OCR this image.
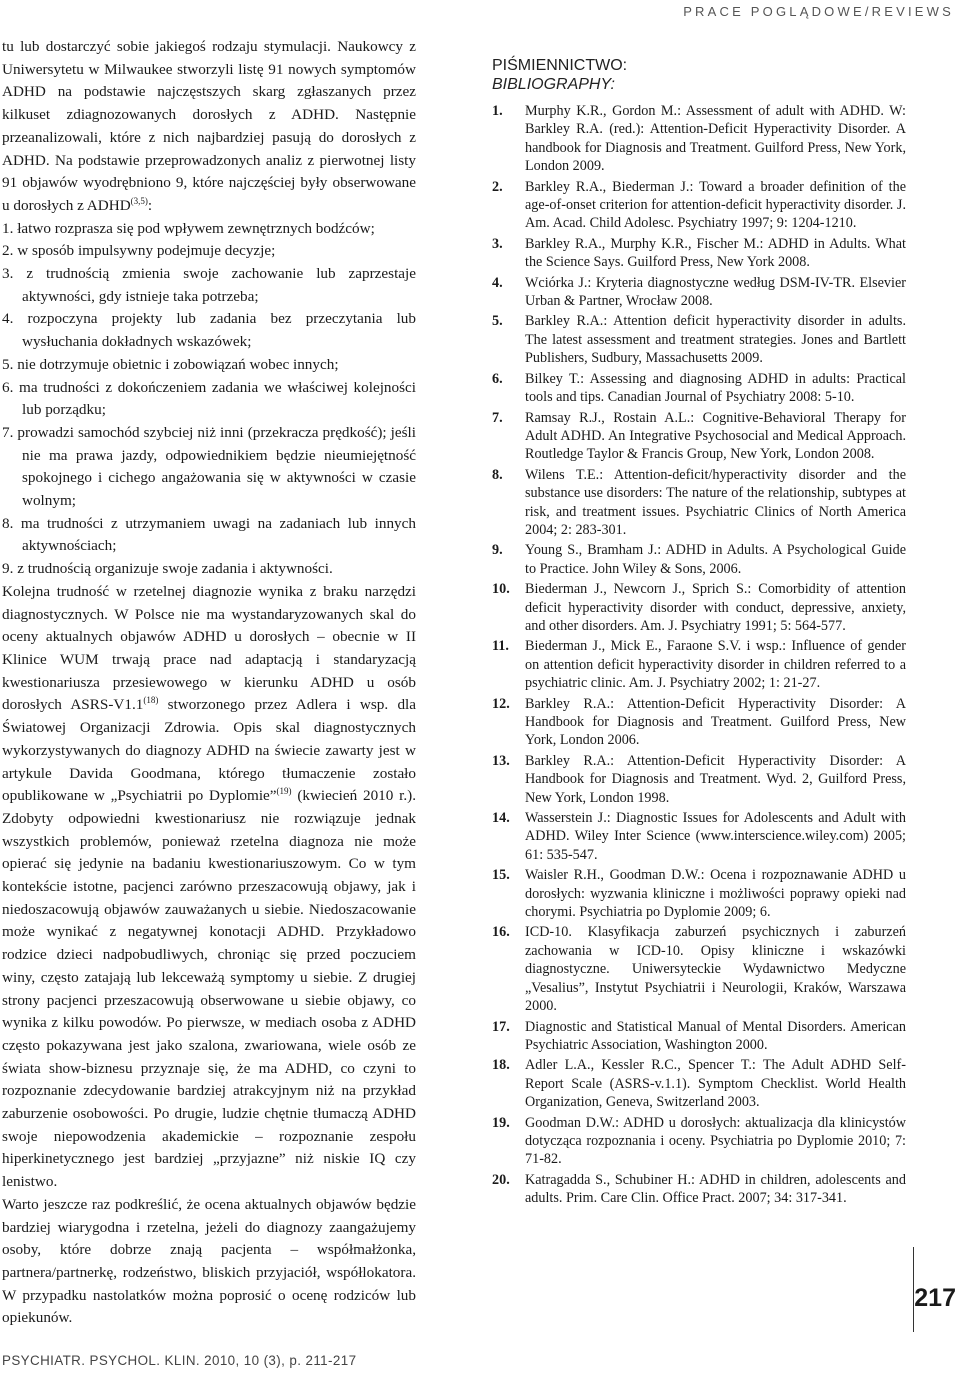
PRACE POGLĄDOWE/REVIEWS

tu lub dostarczyć sobie jakiegoś rodzaju stymulacji. Naukowcy z Uniwersytetu w Milwaukee stworzyli listę 91 nowych symptomów ADHD na podstawie najczęstszych skarg zgłaszanych przez kilkuset zdiagnozowanych dorosłych z ADHD. Następnie przeanalizowali, które z nich najbardziej pasują do dorosłych z ADHD. Na podstawie przeprowadzonych analiz z pierwotnej listy 91 objawów wyodrębniono 9, które najczęściej były obserwowane u dorosłych z ADHD$^{(3,5)}$:

1. łatwo rozprasza się pod wpływem zewnętrznych bodźców;
2. w sposób impulsywny podejmuje decyzje;
3. z trudnością zmienia swoje zachowanie lub zaprzestaje aktywności, gdy istnieje taka potrzeba;
4. rozpoczyna projekty lub zadania bez przeczytania lub wysłuchania dokładnych wskazówek;
5. nie dotrzymuje obietnic i zobowiązań wobec innych;
6. ma trudności z dokończeniem zadania we właściwej kolejności lub porządku;
7. prowadzi samochód szybciej niż inni (przekracza prędkość); jeśli nie ma prawa jazdy, odpowiednikiem będzie nieumiejętność spokojnego i cichego angażowania się w aktywności w czasie wolnym;
8. ma trudności z utrzymaniem uwagi na zadaniach lub innych aktywnościach;
9. z trudnością organizuje swoje zadania i aktywności.

Kolejna trudność w rzetelnej diagnozie wynika z braku narzędzi diagnostycznych. W Polsce nie ma wystandaryzowanych skal do oceny aktualnych objawów ADHD u dorosłych – obecnie w II Klinice WUM trwają prace nad adaptacją i standaryzacją kwestionariusza przesiewowego w kierunku ADHD u osób dorosłych ASRS-V1.1$^{(18)}$ stworzonego przez Adlera i wsp. dla Światowej Organizacji Zdrowia. Opis skal diagnostycznych wykorzystywanych do diagnozy ADHD na świecie zawarty jest w artykule Davida Goodmana, którego tłumaczenie zostało opublikowane w „Psychiatrii po Dyplomie”$^{(19)}$ (kwiecień 2010 r.). Zdobyty odpowiedni kwestionariusz nie rozwiązuje jednak wszystkich problemów, ponieważ rzetelna diagnoza nie może opierać się jedynie na badaniu kwestionariuszowym. Co w tym kontekście istotne, pacjenci zarówno przeszacowują objawy, jak i niedoszacowują objawów zauważanych u siebie. Niedoszacowanie może wynikać z negatywnej konotacji ADHD. Przykładowo rodzice dzieci nadpobudliwych, chroniąc się przed poczuciem winy, często zatajają lub lekceważą symptomy u siebie. Z drugiej strony pacjenci przeszacowują obserwowane u siebie objawy, co wynika z kilku powodów. Po pierwsze, w mediach osoba z ADHD często pokazywana jest jako szalona, zwariowana, wiele osób ze świata show-biznesu przyznaje się, że ma ADHD, co czyni to rozpoznanie zdecydowanie bardziej atrakcyjnym niż na przykład zaburzenie osobowości. Po drugie, ludzie chętnie tłumaczą ADHD swoje niepowodzenia akademickie – rozpoznanie zespołu hiperkinetycznego jest bardziej „przyjazne” niż niskie IQ czy lenistwo.

Warto jeszcze raz podkreślić, że ocena aktualnych objawów będzie bardziej wiarygodna i rzetelna, jeżeli do diagnozy zaangażujemy osoby, które dobrze znają pacjenta – współmałżonka, partnera/partnerkę, rodzeństwo, bliskich przyjaciół, współlokatora. W przypadku nastolatków można poprosić o ocenę rodziców lub opiekunów.

PIŚMIENNICTWO:
BIBLIOGRAPHY:
1.	Murphy K.R., Gordon M.: Assessment of adult with ADHD. W: Barkley R.A. (red.): Attention-Deficit Hyperactivity Disorder. A handbook for Diagnosis and Treatment. Guilford Press, New York, London 2009.
2.	Barkley R.A., Biederman J.: Toward a broader definition of the age-of-onset criterion for attention-deficit hyperactivity disorder. J. Am. Acad. Child Adolesc. Psychiatry 1997; 9: 1204-1210.
3.	Barkley R.A., Murphy K.R., Fischer M.: ADHD in Adults. What the Science Says. Guilford Press, New York 2008.
4.	Wciórka J.: Kryteria diagnostyczne według DSM-IV-TR. Elsevier Urban & Partner, Wrocław 2008.
5.	Barkley R.A.: Attention deficit hyperactivity disorder in adults. The latest assessment and treatment strategies. Jones and Bartlett Publishers, Sudbury, Massachusetts 2009.
6.	Bilkey T.: Assessing and diagnosing ADHD in adults: Practical tools and tips. Canadian Journal of Psychiatry 2008: 5-10.
7.	Ramsay R.J., Rostain A.L.: Cognitive-Behavioral Therapy for Adult ADHD. An Integrative Psychosocial and Medical Approach. Routledge Taylor & Francis Group, New York, London 2008.
8.	Wilens T.E.: Attention-deficit/hyperactivity disorder and the substance use disorders: The nature of the relationship, subtypes at risk, and treatment issues. Psychiatric Clinics of North America 2004; 2: 283-301.
9.	Young S., Bramham J.: ADHD in Adults. A Psychological Guide to Practice. John Wiley & Sons, 2006.
10.	Biederman J., Newcorn J., Sprich S.: Comorbidity of attention deficit hyperactivity disorder with conduct, depressive, anxiety, and other disorders. Am. J. Psychiatry 1991; 5: 564-577.
11.	Biederman J., Mick E., Faraone S.V. i wsp.: Influence of gender on attention deficit hyperactivity disorder in children referred to a psychiatric clinic. Am. J. Psychiatry 2002; 1: 21-27.
12.	Barkley R.A.: Attention-Deficit Hyperactivity Disorder: A Handbook for Diagnosis and Treatment. Guilford Press, New York, London 2006.
13.	Barkley R.A.: Attention-Deficit Hyperactivity Disorder: A Handbook for Diagnosis and Treatment. Wyd. 2, Guilford Press, New York, London 1998.
14.	Wasserstein J.: Diagnostic Issues for Adolescents and Adult with ADHD. Wiley Inter Science (www.interscience.wiley.com) 2005; 61: 535-547.
15.	Waisler R.H., Goodman D.W.: Ocena i rozpoznawanie ADHD u dorosłych: wyzwania kliniczne i możliwości poprawy opieki nad chorymi. Psychiatria po Dyplomie 2009; 6.
16.	ICD-10. Klasyfikacja zaburzeń psychicznych i zaburzeń zachowania w ICD-10. Opisy kliniczne i wskazówki diagnostyczne. Uniwersyteckie Wydawnictwo Medyczne „Vesalius”, Instytut Psychiatrii i Neurologii, Kraków, Warszawa 2000.
17.	Diagnostic and Statistical Manual of Mental Disorders. American Psychiatric Association, Washington 2000.
18.	Adler L.A., Kessler R.C., Spencer T.: The Adult ADHD Self-Report Scale (ASRS-v.1.1). Symptom Checklist. World Health Organization, Geneva, Switzerland 2003.
19.	Goodman D.W.: ADHD u dorosłych: aktualizacja dla klinicystów dotycząca rozpoznania i oceny. Psychiatria po Dyplomie 2010; 7: 71-82.
20.	Katragadda S., Schubiner H.: ADHD in children, adolescents and adults. Prim. Care Clin. Office Pract. 2007; 34: 317-341.
217
PSYCHIATR. PSYCHOL. KLIN. 2010, 10 (3), p. 211-217
